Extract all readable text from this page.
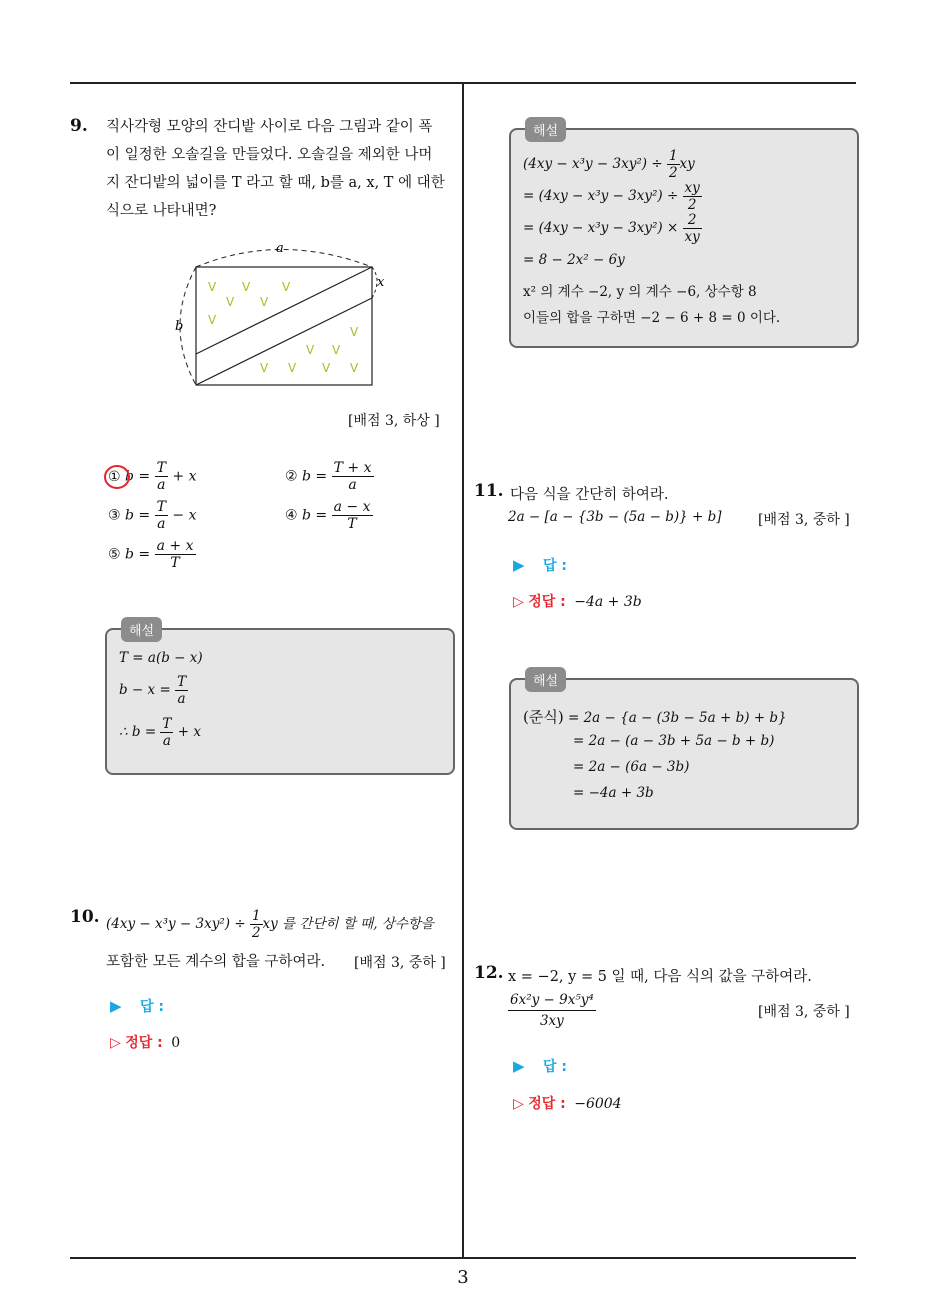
9. 직사각형 모양의 잔디밭 사이로 다음 그림과 같이 폭
이 일정한 오솔길을 만들었다. 오솔길을 제외한 나머
지 잔디밭의 넓이를 T 라고 할 때, b를 a, x, T 에 대한
식으로 나타내면?
a
b
x
V V	V
V V
V
V
V V
V V V V
[배점 3, 하상 ]
① $b = \frac{T}{a} + x$	② $b = \frac{T + x}{a}$
③ $b = \frac{T}{a} - x$	④ $b = \frac{a - x}{T}$
⑤ $b = \frac{a + x}{T}$
해설
T = a(b − x)
$b - x = \frac{T}{a}$
∴ $b = \frac{T}{a} + x$
10. $(4xy - x^3y - 3xy^2) \div \frac{1}{2}$ xy 를 간단히 할 때, 상수항을
포함한 모든 계수의 합을 구하여라. [배점 3, 중하 ]
▶ 답 :
▷ 정답 : 0
해설
$(4xy - x^3y - 3xy^2) \div \frac{1}{2}$ xy
= $(4xy - x^3y - 3xy^2) \div \frac{xy}{2}$
= $(4xy - x^3y - 3xy^2) \times \frac{2}{xy}$
= 8 − 2x² − 6y
x² 의 계수 −2, y 의 계수 −6, 상수항 8
이들의 합을 구하면 −2 − 6 + 8 = 0 이다.
11. 다음 식을 간단히 하여라.
2a − [a − {3b − (5a − b)} + b]	[배점 3, 중하 ]
▶ 답 :
▷ 정답 : −4a + 3b
해설
(준식) = 2a − {a − (3b − 5a + b) + b}
= 2a − (a − 3b + 5a − b + b)
= 2a − (6a − 3b)
= −4a + 3b
12. x = −2, y = 5 일 때, 다음 식의 값을 구하여라.
$\frac{\text{6x²y − 9x⁵y⁴}}{3xy}$	[배점 3, 중하 ]
▶ 답 :
▷ 정답 : −6004
3
